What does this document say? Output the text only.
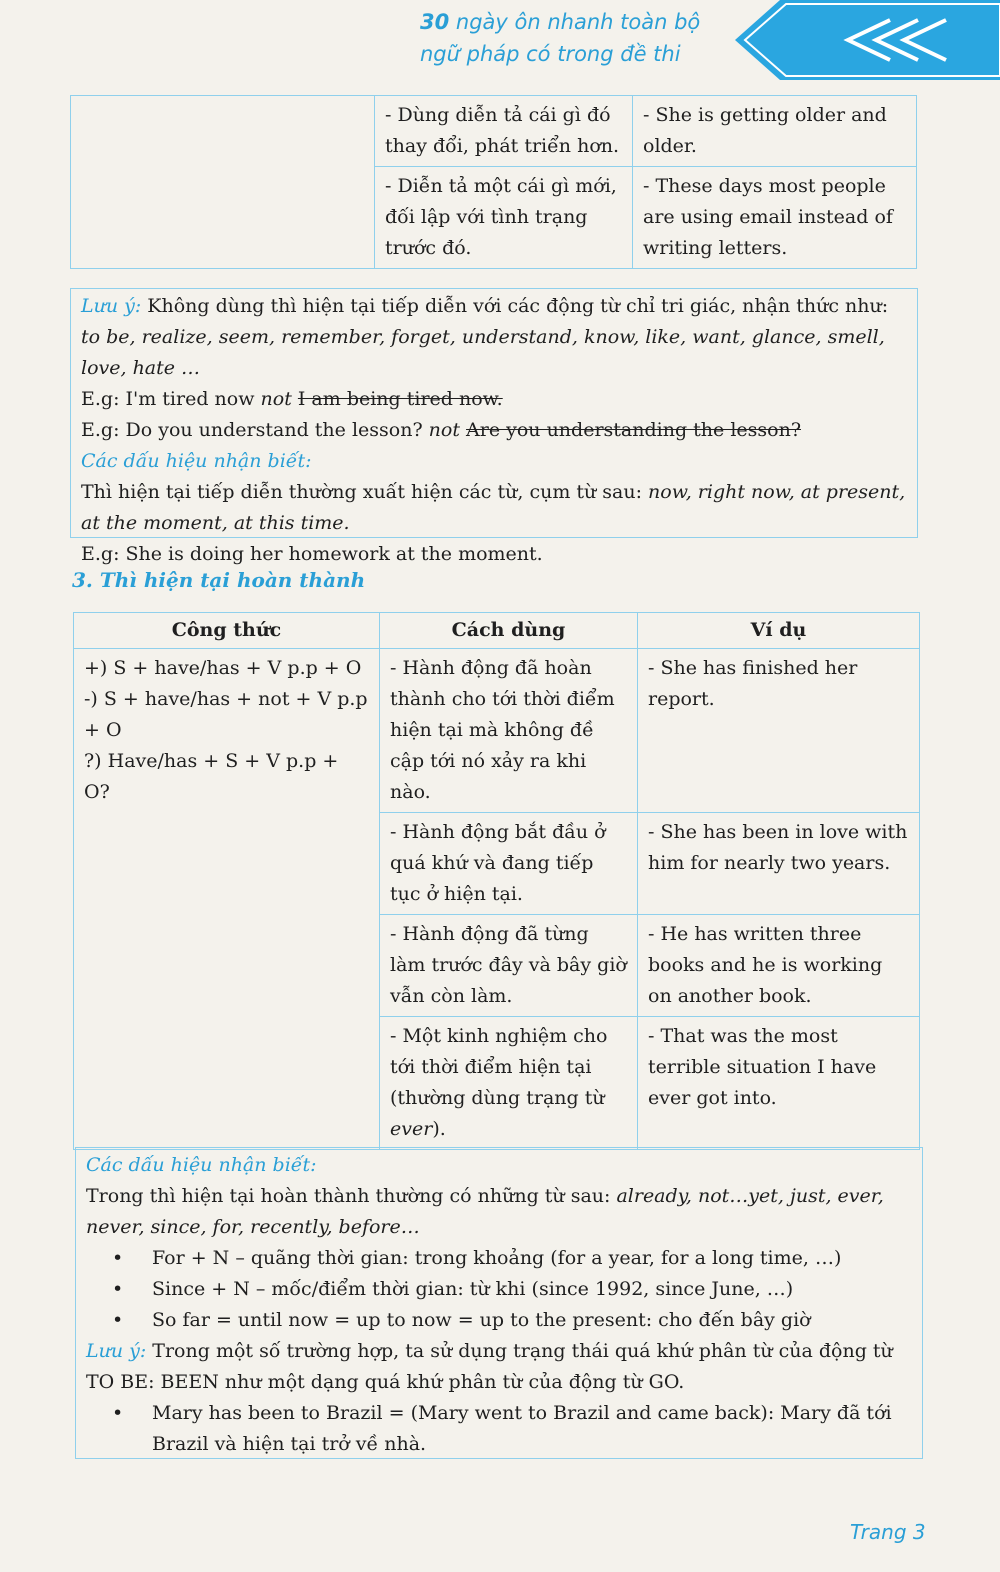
30 ngày ôn nhanh toàn bộ
ngữ pháp có trong đề thi
	- Dùng diễn tả cái gì đó thay đổi, phát triển hơn.	- She is getting older and older.
	- Diễn tả một cái gì mới, đối lập với tình trạng trước đó.	- These days most people are using email instead of writing letters.
Lưu ý: Không dùng thì hiện tại tiếp diễn với các động từ chỉ tri giác, nhận thức như: to be, realize, seem, remember, forget, understand, know, like, want, glance, smell, love, hate …
E.g: I'm tired now not I am being tired now.
E.g: Do you understand the lesson? not Are you understanding the lesson?
Các dấu hiệu nhận biết:
Thì hiện tại tiếp diễn thường xuất hiện các từ, cụm từ sau: now, right now, at present, at the moment, at this time.
E.g: She is doing her homework at the moment.
3. Thì hiện tại hoàn thành
Công thức	Cách dùng	Ví dụ

+) S + have/has + V p.p + O
-) S + have/has + not + V p.p + O
?) Have/has + S + V p.p + O?	- Hành động đã hoàn thành cho tới thời điểm hiện tại mà không đề cập tới nó xảy ra khi nào.	- She has finished her report.
	- Hành động bắt đầu ở quá khứ và đang tiếp tục ở hiện tại.	- She has been in love with him for nearly two years.
	- Hành động đã từng làm trước đây và bây giờ vẫn còn làm.	- He has written three books and he is working on another book.
	- Một kinh nghiệm cho tới thời điểm hiện tại (thường dùng trạng từ ever).	- That was the most terrible situation I have ever got into.
Các dấu hiệu nhận biết:
Trong thì hiện tại hoàn thành thường có những từ sau: already, not…yet, just, ever, never, since, for, recently, before…
• For + N – quãng thời gian: trong khoảng (for a year, for a long time, …)
• Since + N – mốc/điểm thời gian: từ khi (since 1992, since June, …)
• So far = until now = up to now = up to the present: cho đến bây giờ
Lưu ý: Trong một số trường hợp, ta sử dụng trạng thái quá khứ phân từ của động từ TO BE: BEEN như một dạng quá khứ phân từ của động từ GO.
• Mary has been to Brazil = (Mary went to Brazil and came back): Mary đã tới Brazil và hiện tại trở về nhà.
Trang 3
